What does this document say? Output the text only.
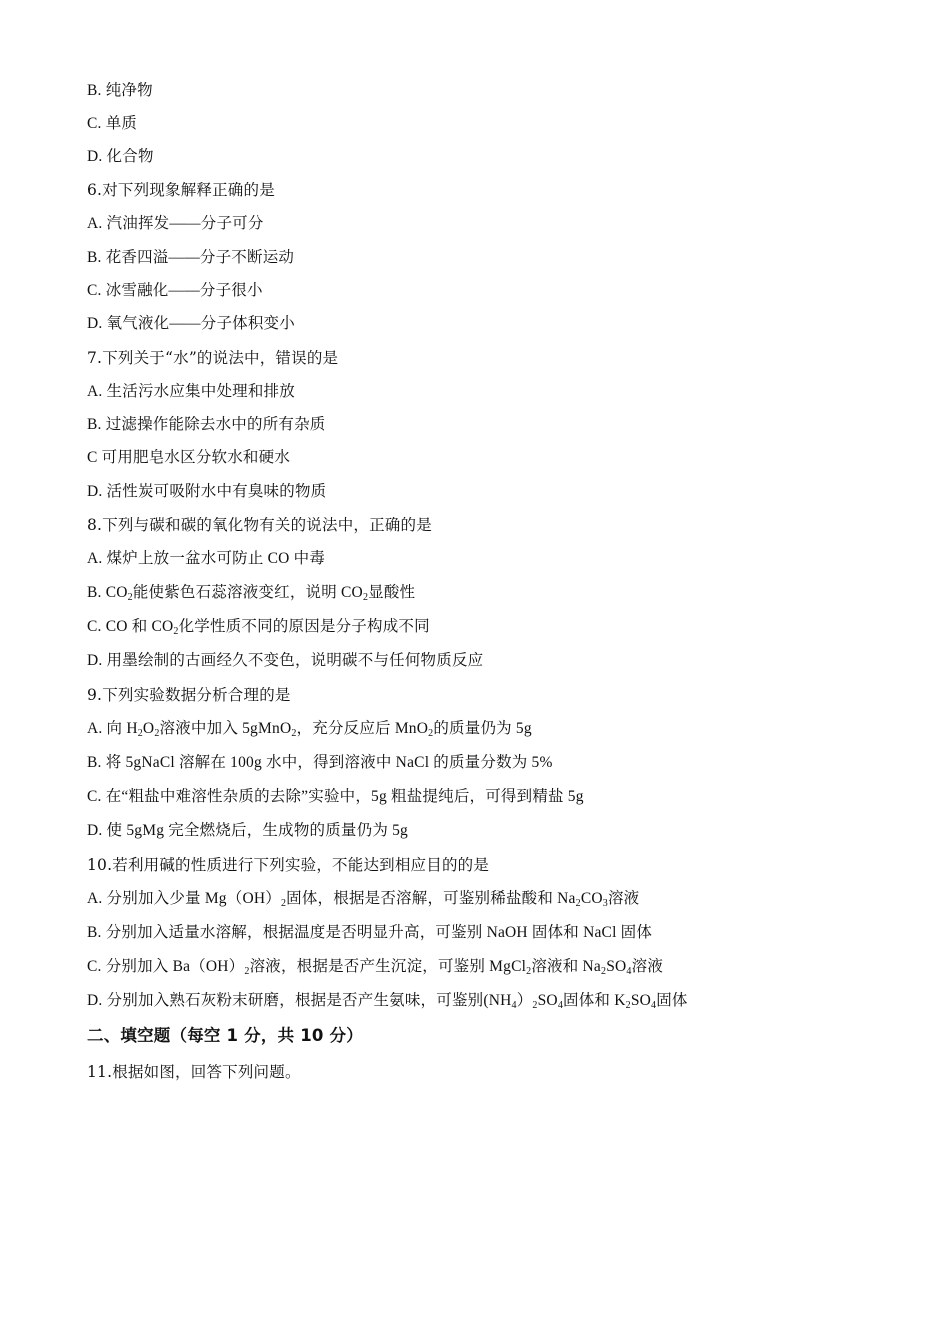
B. 纯净物
C. 单质
D. 化合物
6.对下列现象解释正确的是
A. 汽油挥发——分子可分
B. 花香四溢——分子不断运动
C. 冰雪融化——分子很小
D. 氧气液化——分子体积变小
7.下列关于“水”的说法中，错误的是
A. 生活污水应集中处理和排放
B. 过滤操作能除去水中的所有杂质
C 可用肥皂水区分软水和硬水
D. 活性炭可吸附水中有臭味的物质
8.下列与碳和碳的氧化物有关的说法中，正确的是
A. 煤炉上放一盆水可防止 CO 中毒
B. $CO_2$能使紫色石蕊溶液变红，说明 $CO_2$显酸性
C. CO 和 $CO_2$化学性质不同的原因是分子构成不同
D. 用墨绘制的古画经久不变色，说明碳不与任何物质反应
9.下列实验数据分析合理的是
A. 向 $H_2O_2$溶液中加入 5gMnO$_2$，充分反应后 MnO$_2$的质量仍为 5g
B. 将 5gNaCl 溶解在 100g 水中，得到溶液中 NaCl 的质量分数为 5%
C. 在“粗盐中难溶性杂质的去除”实验中，5g 粗盐提纯后，可得到精盐 5g
D. 使 5gMg 完全燃烧后，生成物的质量仍为 5g
10.若利用碱的性质进行下列实验，不能达到相应目的的是
A. 分别加入少量 $Mg(OH)_2$固体，根据是否溶解，可鉴别稀盐酸和 $Na_2CO_3$溶液
B. 分别加入适量水溶解，根据温度是否明显升高，可鉴别 NaOH 固体和 NaCl 固体
C. 分别加入 $Ba(OH)_2$溶液，根据是否产生沉淀，可鉴别 MgCl$_2$溶液和 $Na_2SO_4$溶液
D. 分别加入熟石灰粉末研磨，根据是否产生氨味，可鉴别$(NH_4)_2SO_4$固体和 $K_2SO_4$固体
二、填空题（每空 1 分，共 10 分）
11.根据如图，回答下列问题。
